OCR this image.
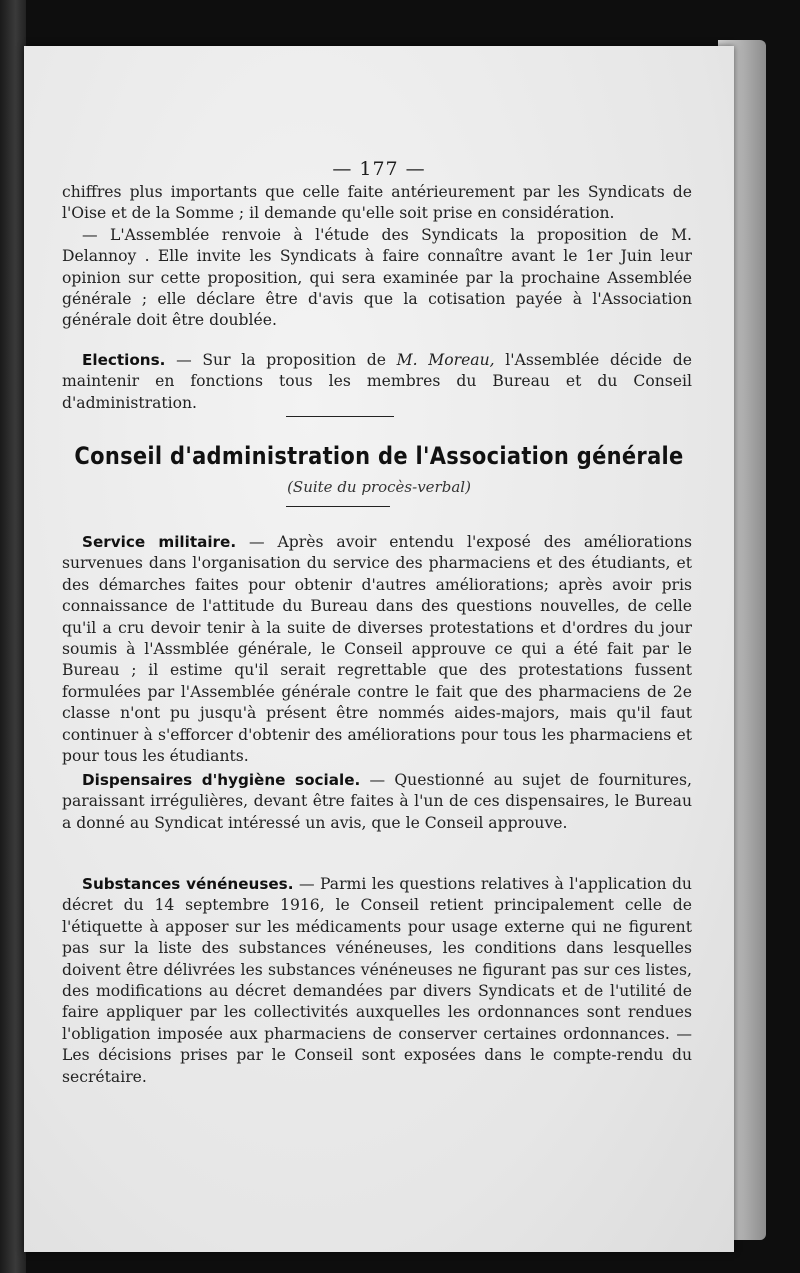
— 177 —

chiffres plus importants que celle faite antérieurement par les Syndicats de l'Oise et de la Somme ; il demande qu'elle soit prise en considération.

— L'Assemblée renvoie à l'étude des Syndicats la proposition de M. Delannoy . Elle invite les Syndicats à faire connaître avant le 1er Juin leur opinion sur cette proposition, qui sera examinée par la prochaine Assemblée générale ; elle déclare être d'avis que la cotisation payée à l'Association générale doit être doublée.

Elections. — Sur la proposition de M. Moreau, l'Assemblée décide de maintenir en fonctions tous les membres du Bureau et du Conseil d'administration.

Conseil d'administration de l'Association générale
(Suite du procès-verbal)

Service militaire. — Après avoir entendu l'exposé des améliorations survenues dans l'organisation du service des pharmaciens et des étudiants, et des démarches faites pour obtenir d'autres améliorations; après avoir pris connaissance de l'attitude du Bureau dans des questions nouvelles, de celle qu'il a cru devoir tenir à la suite de diverses protestations et d'ordres du jour soumis à l'Assmblée générale, le Conseil approuve ce qui a été fait par le Bureau ; il estime qu'il serait regrettable que des protestations fussent formulées par l'Assemblée générale contre le fait que des pharmaciens de 2e classe n'ont pu jusqu'à présent être nommés aides-majors, mais qu'il faut continuer à s'efforcer d'obtenir des améliorations pour tous les pharmaciens et pour tous les étudiants.

Dispensaires d'hygiène sociale. — Questionné au sujet de fournitures, paraissant irrégulières, devant être faites à l'un de ces dispensaires, le Bureau a donné au Syndicat intéressé un avis, que le Conseil approuve.

Substances vénéneuses. — Parmi les questions relatives à l'application du décret du 14 septembre 1916, le Conseil retient principalement celle de l'étiquette à apposer sur les médicaments pour usage externe qui ne figurent pas sur la liste des substances vénéneuses, les conditions dans lesquelles doivent être délivrées les substances vénéneuses ne figurant pas sur ces listes, des modifications au décret demandées par divers Syndicats et de l'utilité de faire appliquer par les collectivités auxquelles les ordonnances sont rendues l'obligation imposée aux pharmaciens de conserver certaines ordonnances. — Les décisions prises par le Conseil sont exposées dans le compte-rendu du secrétaire.
